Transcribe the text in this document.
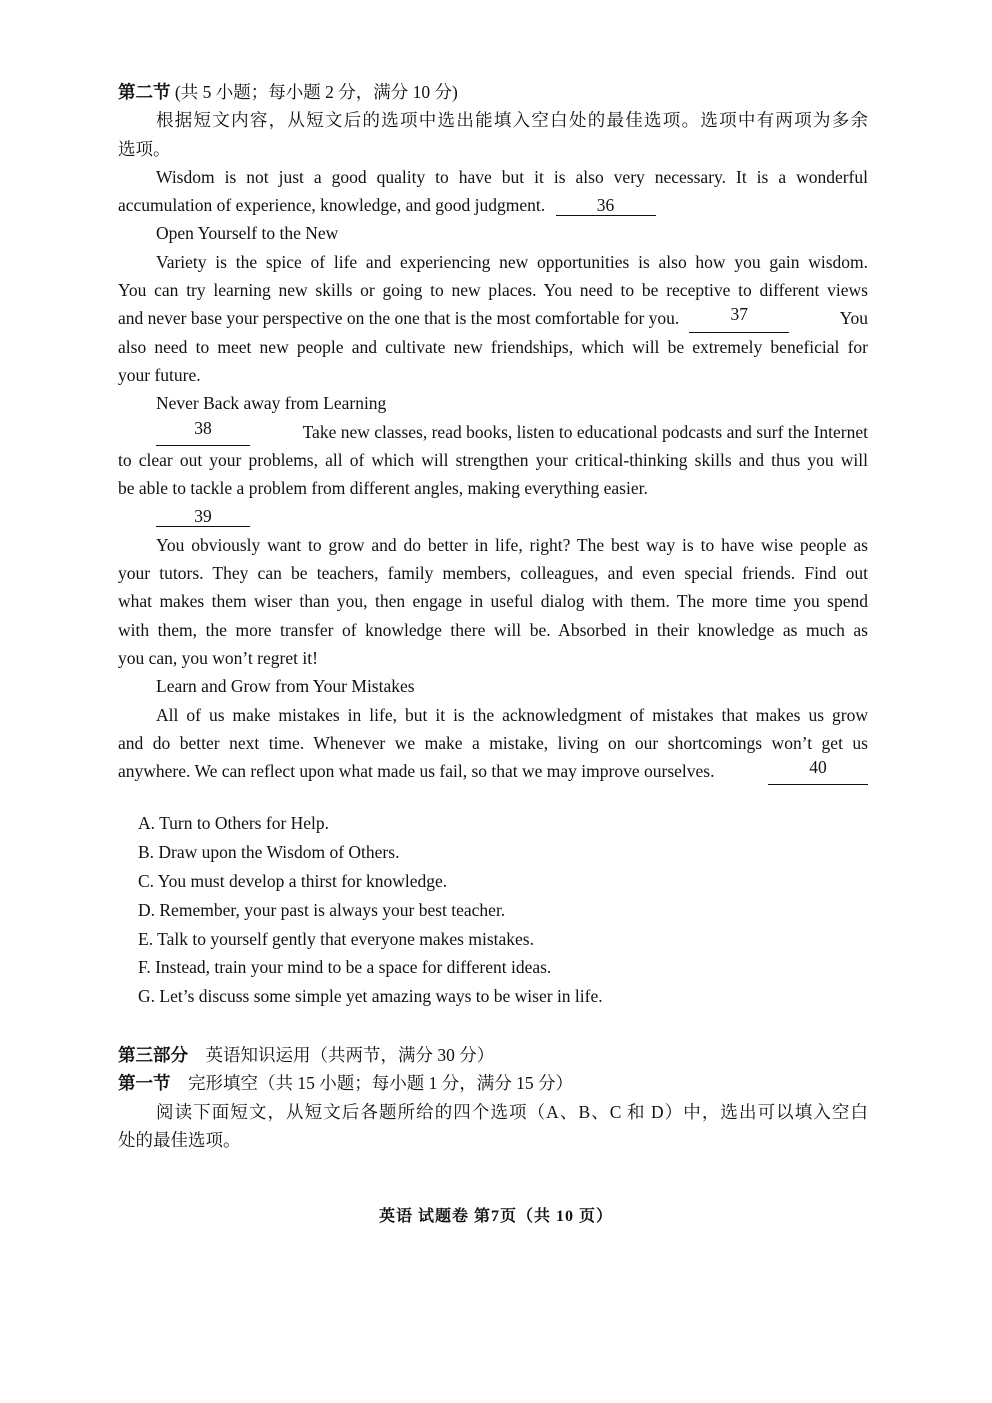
第二节 (共 5 小题；每小题 2 分，满分 10 分)
根据短文内容，从短文后的选项中选出能填入空白处的最佳选项。选项中有两项为多余
选项。
Wisdom is not just a good quality to have but it is also very necessary. It is a wonderful
accumulation of experience, knowledge, and good judgment.	36
Open Yourself to the New
Variety is the spice of life and experiencing new opportunities is also how you gain wisdom.
You can try learning new skills or going to new places. You need to be receptive to different views
and never base your perspective on the one that is the most comfortable for you.	37	You
also need to meet new people and cultivate new friendships, which will be extremely beneficial for
your future.
Never Back away from Learning
38	Take new classes, read books, listen to educational podcasts and surf the Internet
to clear out your problems, all of which will strengthen your critical-thinking skills and thus you will
be able to tackle a problem from different angles, making everything easier.
39
You obviously want to grow and do better in life, right? The best way is to have wise people as
your tutors. They can be teachers, family members, colleagues, and even special friends. Find out
what makes them wiser than you, then engage in useful dialog with them. The more time you spend
with them, the more transfer of knowledge there will be. Absorbed in their knowledge as much as
you can, you won’t regret it!
Learn and Grow from Your Mistakes
All of us make mistakes in life, but it is the acknowledgment of mistakes that makes us grow
and do better next time. Whenever we make a mistake, living on our shortcomings won’t get us
anywhere. We can reflect upon what made us fail, so that we may improve ourselves.	40
A. Turn to Others for Help.
B. Draw upon the Wisdom of Others.
C. You must develop a thirst for knowledge.
D. Remember, your past is always your best teacher.
E. Talk to yourself gently that everyone makes mistakes.
F. Instead, train your mind to be a space for different ideas.
G. Let’s discuss some simple yet amazing ways to be wiser in life.
第三部分　英语知识运用（共两节，满分 30 分）
第一节　完形填空（共 15 小题；每小题 1 分，满分 15 分）
阅读下面短文，从短文后各题所给的四个选项（A、B、C 和 D）中，选出可以填入空白
处的最佳选项。
英语 试题卷 第7页（共 10 页）
